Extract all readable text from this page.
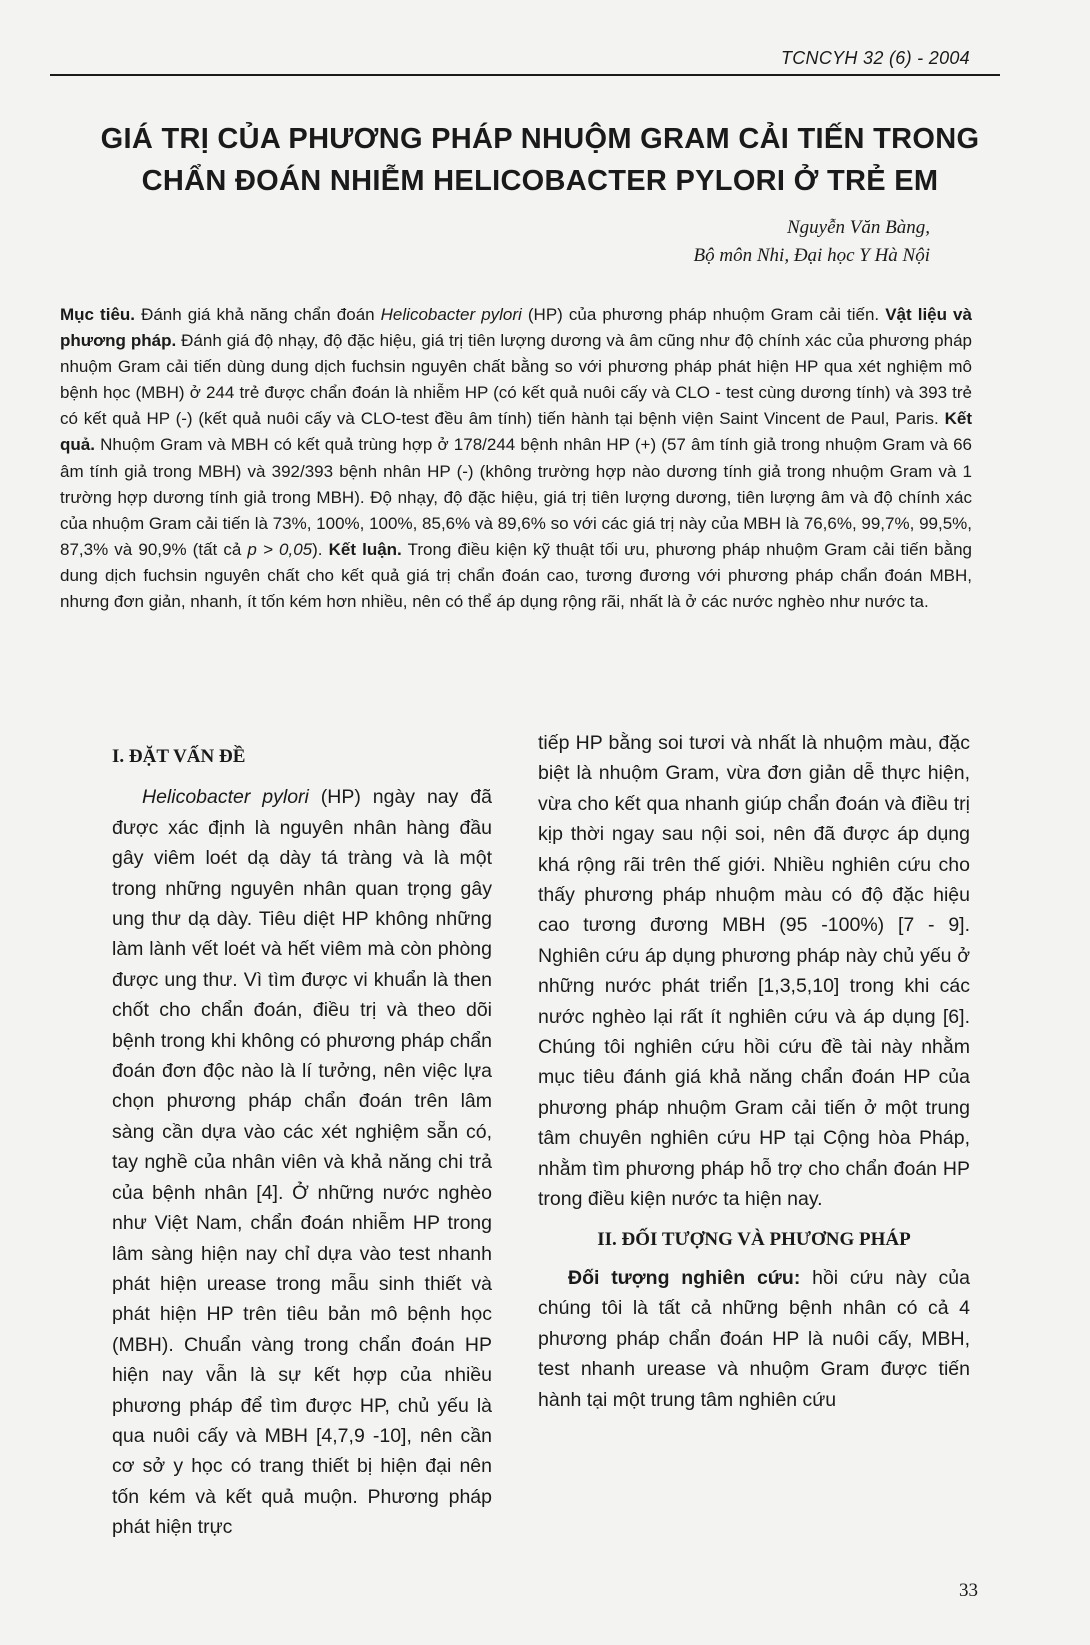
TCNCYH 32 (6) - 2004
GIÁ TRỊ CỦA PHƯƠNG PHÁP NHUỘM GRAM CẢI TIẾN TRONG
CHẨN ĐOÁN NHIỄM HELICOBACTER PYLORI Ở TRẺ EM
Nguyễn Văn Bàng,
Bộ môn Nhi, Đại học Y Hà Nội
Mục tiêu. Đánh giá khả năng chẩn đoán Helicobacter pylori (HP) của phương pháp nhuộm Gram cải tiến. Vật liệu và phương pháp. Đánh giá độ nhạy, độ đặc hiệu, giá trị tiên lượng dương và âm cũng như độ chính xác của phương pháp nhuộm Gram cải tiến dùng dung dịch fuchsin nguyên chất bằng so với phương pháp phát hiện HP qua xét nghiệm mô bệnh học (MBH) ở 244 trẻ được chẩn đoán là nhiễm HP (có kết quả nuôi cấy và CLO - test cùng dương tính) và 393 trẻ có kết quả HP (-) (kết quả nuôi cấy và CLO-test đều âm tính) tiến hành tại bệnh viện Saint Vincent de Paul, Paris. Kết quả. Nhuộm Gram và MBH có kết quả trùng hợp ở 178/244 bệnh nhân HP (+) (57 âm tính giả trong nhuộm Gram và 66 âm tính giả trong MBH) và 392/393 bệnh nhân HP (-) (không trường hợp nào dương tính giả trong nhuộm Gram và 1 trường hợp dương tính giả trong MBH). Độ nhạy, độ đặc hiệu, giá trị tiên lượng dương, tiên lượng âm và độ chính xác của nhuộm Gram cải tiến là 73%, 100%, 100%, 85,6% và 89,6% so với các giá trị này của MBH là 76,6%, 99,7%, 99,5%, 87,3% và 90,9% (tất cả p > 0,05). Kết luận. Trong điều kiện kỹ thuật tối ưu, phương pháp nhuộm Gram cải tiến bằng dung dịch fuchsin nguyên chất cho kết quả giá trị chẩn đoán cao, tương đương với phương pháp chẩn đoán MBH, nhưng đơn giản, nhanh, ít tốn kém hơn nhiều, nên có thể áp dụng rộng rãi, nhất là ở các nước nghèo như nước ta.
I. ĐẶT VẤN ĐỀ

Helicobacter pylori (HP) ngày nay đã được xác định là nguyên nhân hàng đầu gây viêm loét dạ dày tá tràng và là một trong những nguyên nhân quan trọng gây ung thư dạ dày. Tiêu diệt HP không những làm lành vết loét và hết viêm mà còn phòng được ung thư. Vì tìm được vi khuẩn là then chốt cho chẩn đoán, điều trị và theo dõi bệnh trong khi không có phương pháp chẩn đoán đơn độc nào là lí tưởng, nên việc lựa chọn phương pháp chẩn đoán trên lâm sàng cần dựa vào các xét nghiệm sẵn có, tay nghề của nhân viên và khả năng chi trả của bệnh nhân [4]. Ở những nước nghèo như Việt Nam, chẩn đoán nhiễm HP trong lâm sàng hiện nay chỉ dựa vào test nhanh phát hiện urease trong mẫu sinh thiết và phát hiện HP trên tiêu bản mô bệnh học (MBH). Chuẩn vàng trong chẩn đoán HP hiện nay vẫn là sự kết hợp của nhiều phương pháp để tìm được HP, chủ yếu là qua nuôi cấy và MBH [4,7,9 -10], nên cần cơ sở y học có trang thiết bị hiện đại nên tốn kém và kết quả muộn. Phương pháp phát hiện trực

tiếp HP bằng soi tươi và nhất là nhuộm màu, đặc biệt là nhuộm Gram, vừa đơn giản dễ thực hiện, vừa cho kết qua nhanh giúp chẩn đoán và điều trị kịp thời ngay sau nội soi, nên đã được áp dụng khá rộng rãi trên thế giới. Nhiều nghiên cứu cho thấy phương pháp nhuộm màu có độ đặc hiệu cao tương đương MBH (95 -100%) [7 - 9]. Nghiên cứu áp dụng phương pháp này chủ yếu ở những nước phát triển [1,3,5,10] trong khi các nước nghèo lại rất ít nghiên cứu và áp dụng [6]. Chúng tôi nghiên cứu hồi cứu đề tài này nhằm mục tiêu đánh giá khả năng chẩn đoán HP của phương pháp nhuộm Gram cải tiến ở một trung tâm chuyên nghiên cứu HP tại Cộng hòa Pháp, nhằm tìm phương pháp hỗ trợ cho chẩn đoán HP trong điều kiện nước ta hiện nay.

II. ĐỐI TƯỢNG VÀ PHƯƠNG PHÁP

Đối tượng nghiên cứu: hồi cứu này của chúng tôi là tất cả những bệnh nhân có cả 4 phương pháp chẩn đoán HP là nuôi cấy, MBH, test nhanh urease và nhuộm Gram được tiến hành tại một trung tâm nghiên cứu

33
